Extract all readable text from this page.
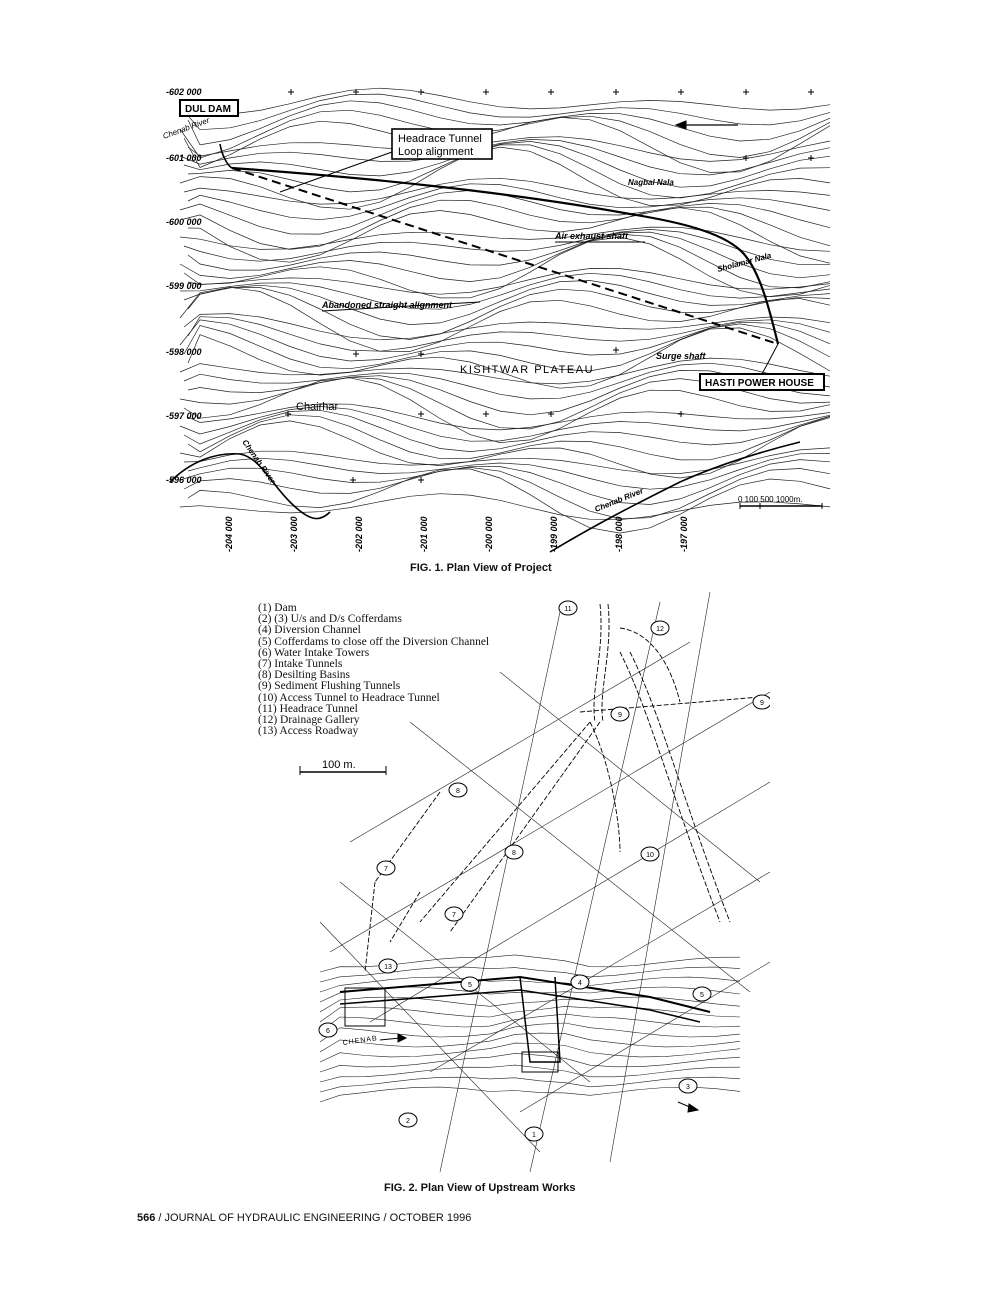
DUL DAM
Headrace Tunnel
Loop alignment
Air exhaust shaft
Abandoned straight alignment
KISHTWAR PLATEAU
Surge shaft
HASTI POWER HOUSE
Chairhar
Chenab River
Chenab River
Chenab River
Nagbal Nala
Sholamar Nala
-602 000
-601 000
-600 000
-599 000
-598 000
-597 000
-596 000
-204 000	-203 000	-202 000	-201 000	-200 000	-199 000	-198 000	-197 000
0 100 500 1000m.
FIG. 1. Plan View of Project
(1) Dam
(2) (3) U/s and D/s Cofferdams
(4) Diversion Channel
(5) Cofferdams to close off the Diversion Channel
(6) Water Intake Towers
(7) Intake Tunnels
(8) Desilting Basins
(9) Sediment Flushing Tunnels
(10) Access Tunnel to Headrace Tunnel
(11) Headrace Tunnel
(12) Drainage Gallery
(13) Access Roadway
100 m.
CHENAB
11
12
9
9
8
8	10
7
7
13
5	4
5
6
3
2
1
FIG. 2. Plan View of Upstream Works
566 / JOURNAL OF HYDRAULIC ENGINEERING / OCTOBER 1996
